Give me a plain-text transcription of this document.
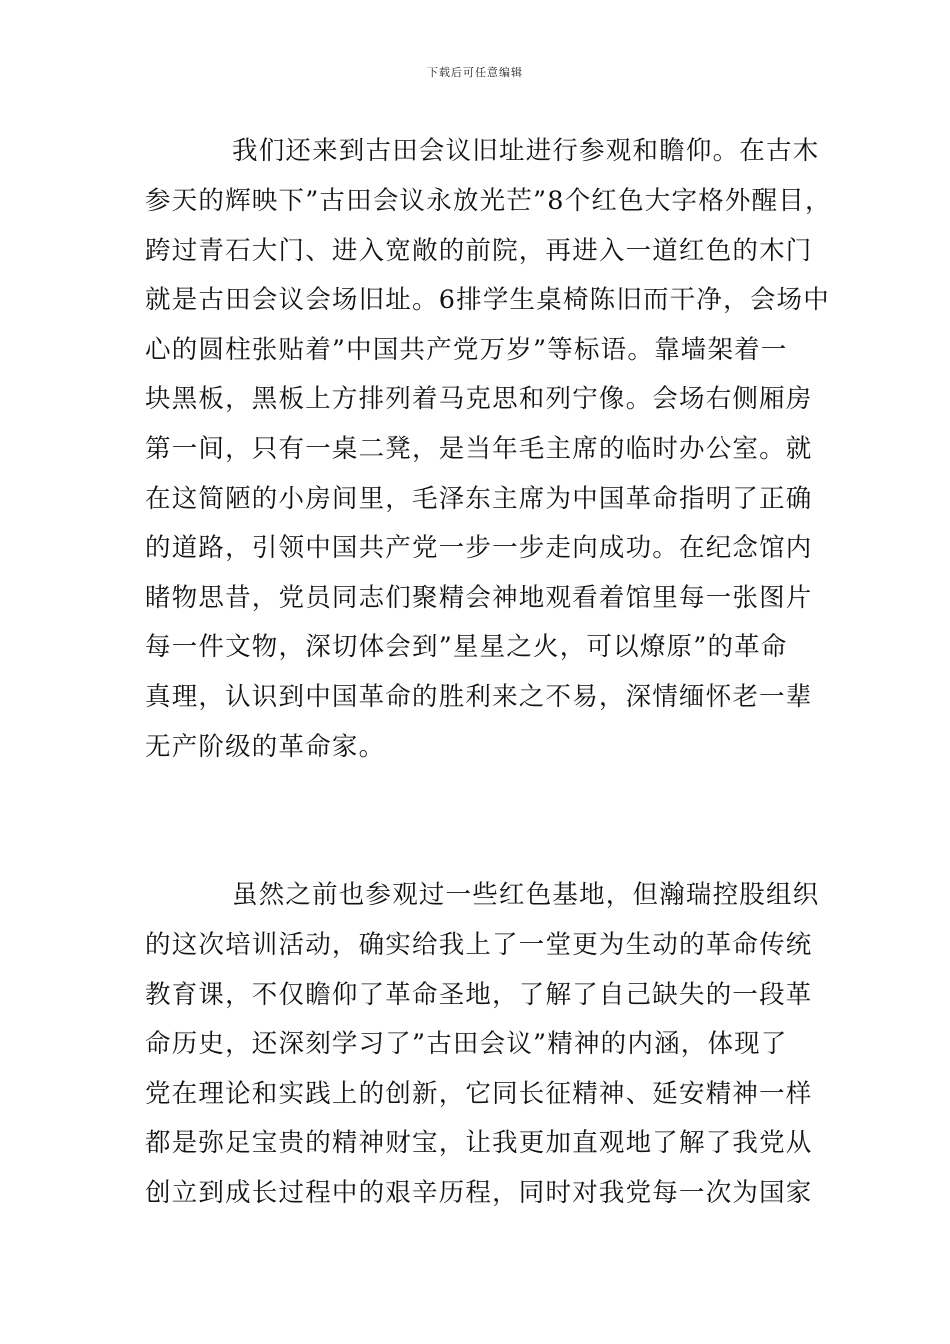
下载后可任意编辑
我们还来到古田会议旧址进行参观和瞻仰。在古木
参天的辉映下”古田会议永放光芒”8个红色大字格外醒目，
跨过青石大门、进入宽敞的前院，再进入一道红色的木门
就是古田会议会场旧址。6排学生桌椅陈旧而干净，会场中
心的圆柱张贴着”中国共产党万岁”等标语。靠墙架着一
块黑板，黑板上方排列着马克思和列宁像。会场右侧厢房
第一间，只有一桌二凳，是当年毛主席的临时办公室。就
在这简陋的小房间里，毛泽东主席为中国革命指明了正确
的道路，引领中国共产党一步一步走向成功。在纪念馆内
睹物思昔，党员同志们聚精会神地观看着馆里每一张图片
每一件文物，深切体会到”星星之火，可以燎原”的革命
真理，认识到中国革命的胜利来之不易，深情缅怀老一辈
无产阶级的革命家。
虽然之前也参观过一些红色基地，但瀚瑞控股组织
的这次培训活动，确实给我上了一堂更为生动的革命传统
教育课，不仅瞻仰了革命圣地，了解了自己缺失的一段革
命历史，还深刻学习了”古田会议”精神的内涵，体现了
党在理论和实践上的创新，它同长征精神、延安精神一样
都是弥足宝贵的精神财宝，让我更加直观地了解了我党从
创立到成长过程中的艰辛历程，同时对我党每一次为国家
